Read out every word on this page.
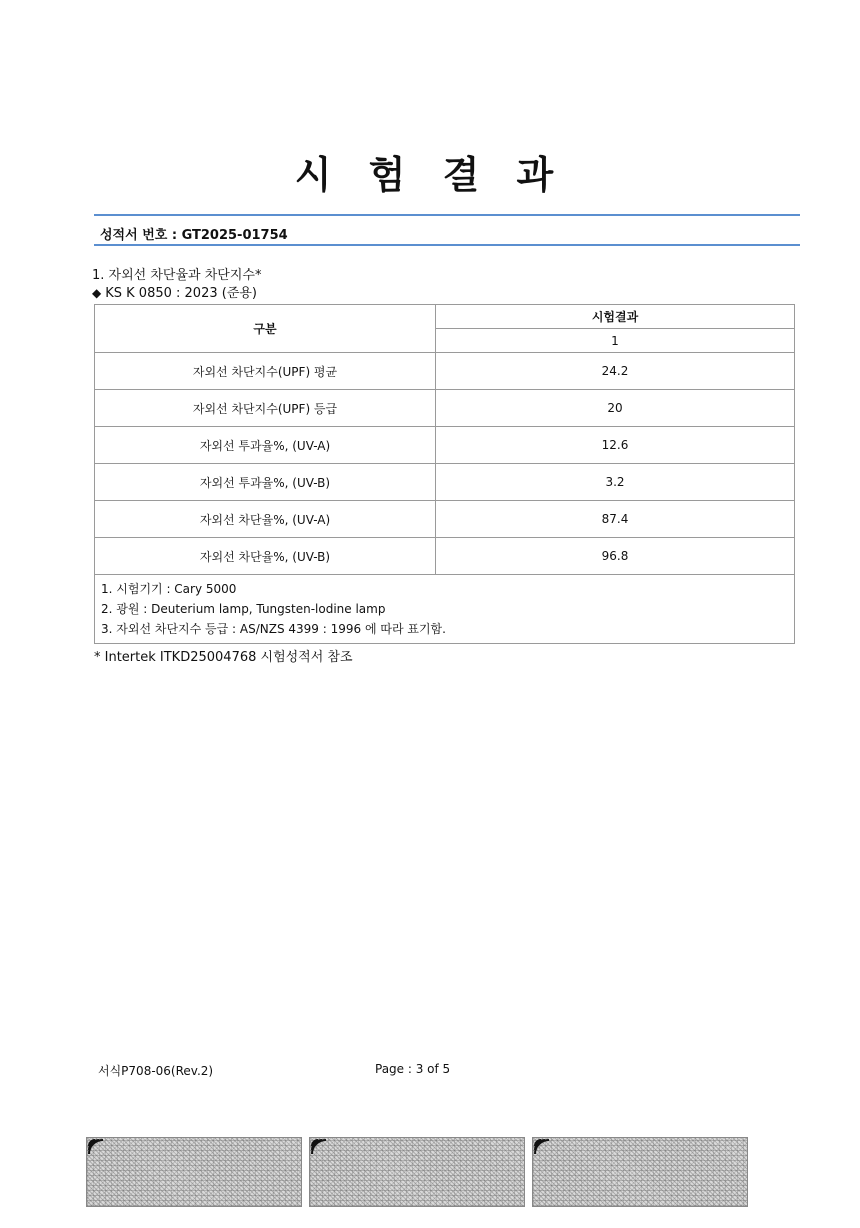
시 험 결 과
성적서 번호 : GT2025-01754
1. 자외선 차단율과 차단지수*
◆ KS K 0850 : 2023 (준용)
구분	시험결과
	1
자외선 차단지수(UPF) 평균	24.2
자외선 차단지수(UPF) 등급	20
자외선 투과율%, (UV-A)	12.6
자외선 투과율%, (UV-B)	3.2
자외선 차단율%, (UV-A)	87.4
자외선 차단율%, (UV-B)	96.8

1. 시험기기 : Cary 5000
2. 광원 : Deuterium lamp, Tungsten-lodine lamp
3. 자외선 차단지수 등급 : AS/NZS 4399 : 1996 에 따라 표기함.	
* Intertek ITKD25004768 시험성적서 참조
서식P708-06(Rev.2)	Page : 3 of 5
